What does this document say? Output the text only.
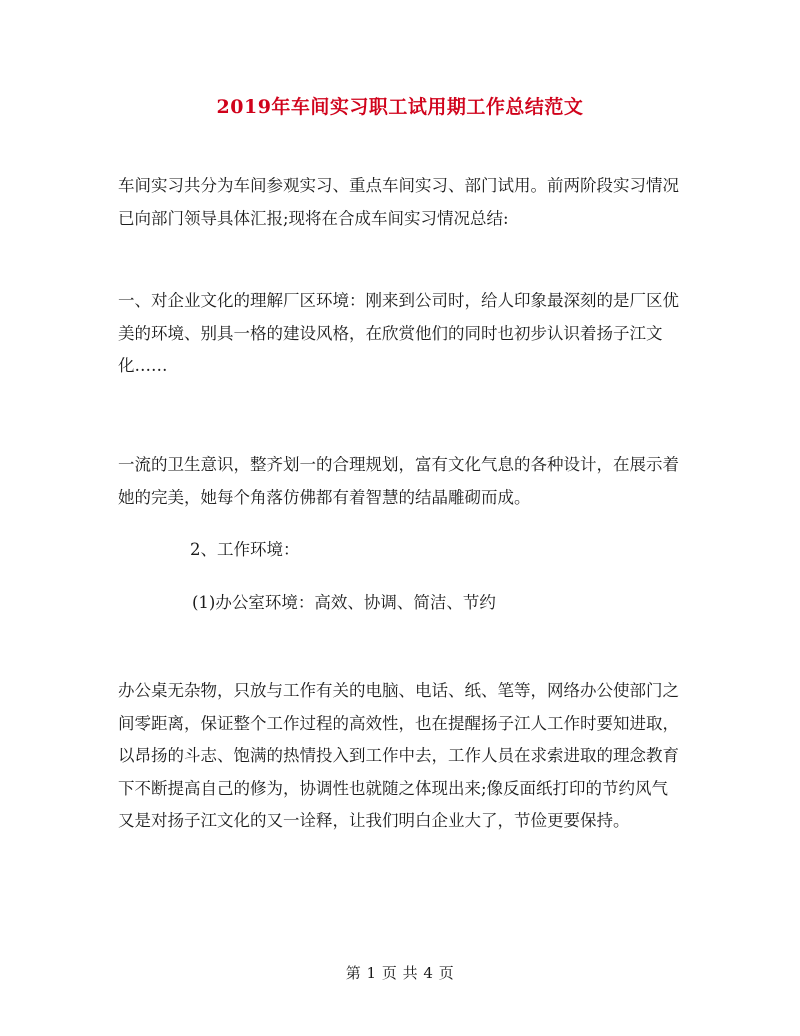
2019年车间实习职工试用期工作总结范文

车间实习共分为车间参观实习、重点车间实习、部门试用。前两阶段实习情况已向部门领导具体汇报;现将在合成车间实习情况总结:

一、对企业文化的理解厂区环境：刚来到公司时，给人印象最深刻的是厂区优美的环境、别具一格的建设风格，在欣赏他们的同时也初步认识着扬子江文化……

一流的卫生意识，整齐划一的合理规划，富有文化气息的各种设计，在展示着她的完美，她每个角落仿佛都有着智慧的结晶雕砌而成。

2、工作环境：

(1)办公室环境：高效、协调、简洁、节约

办公桌无杂物，只放与工作有关的电脑、电话、纸、笔等，网络办公使部门之间零距离，保证整个工作过程的高效性，也在提醒扬子江人工作时要知进取，以昂扬的斗志、饱满的热情投入到工作中去，工作人员在求索进取的理念教育下不断提高自己的修为，协调性也就随之体现出来;像反面纸打印的节约风气又是对扬子江文化的又一诠释，让我们明白企业大了，节俭更要保持。

第 1 页 共 4 页
